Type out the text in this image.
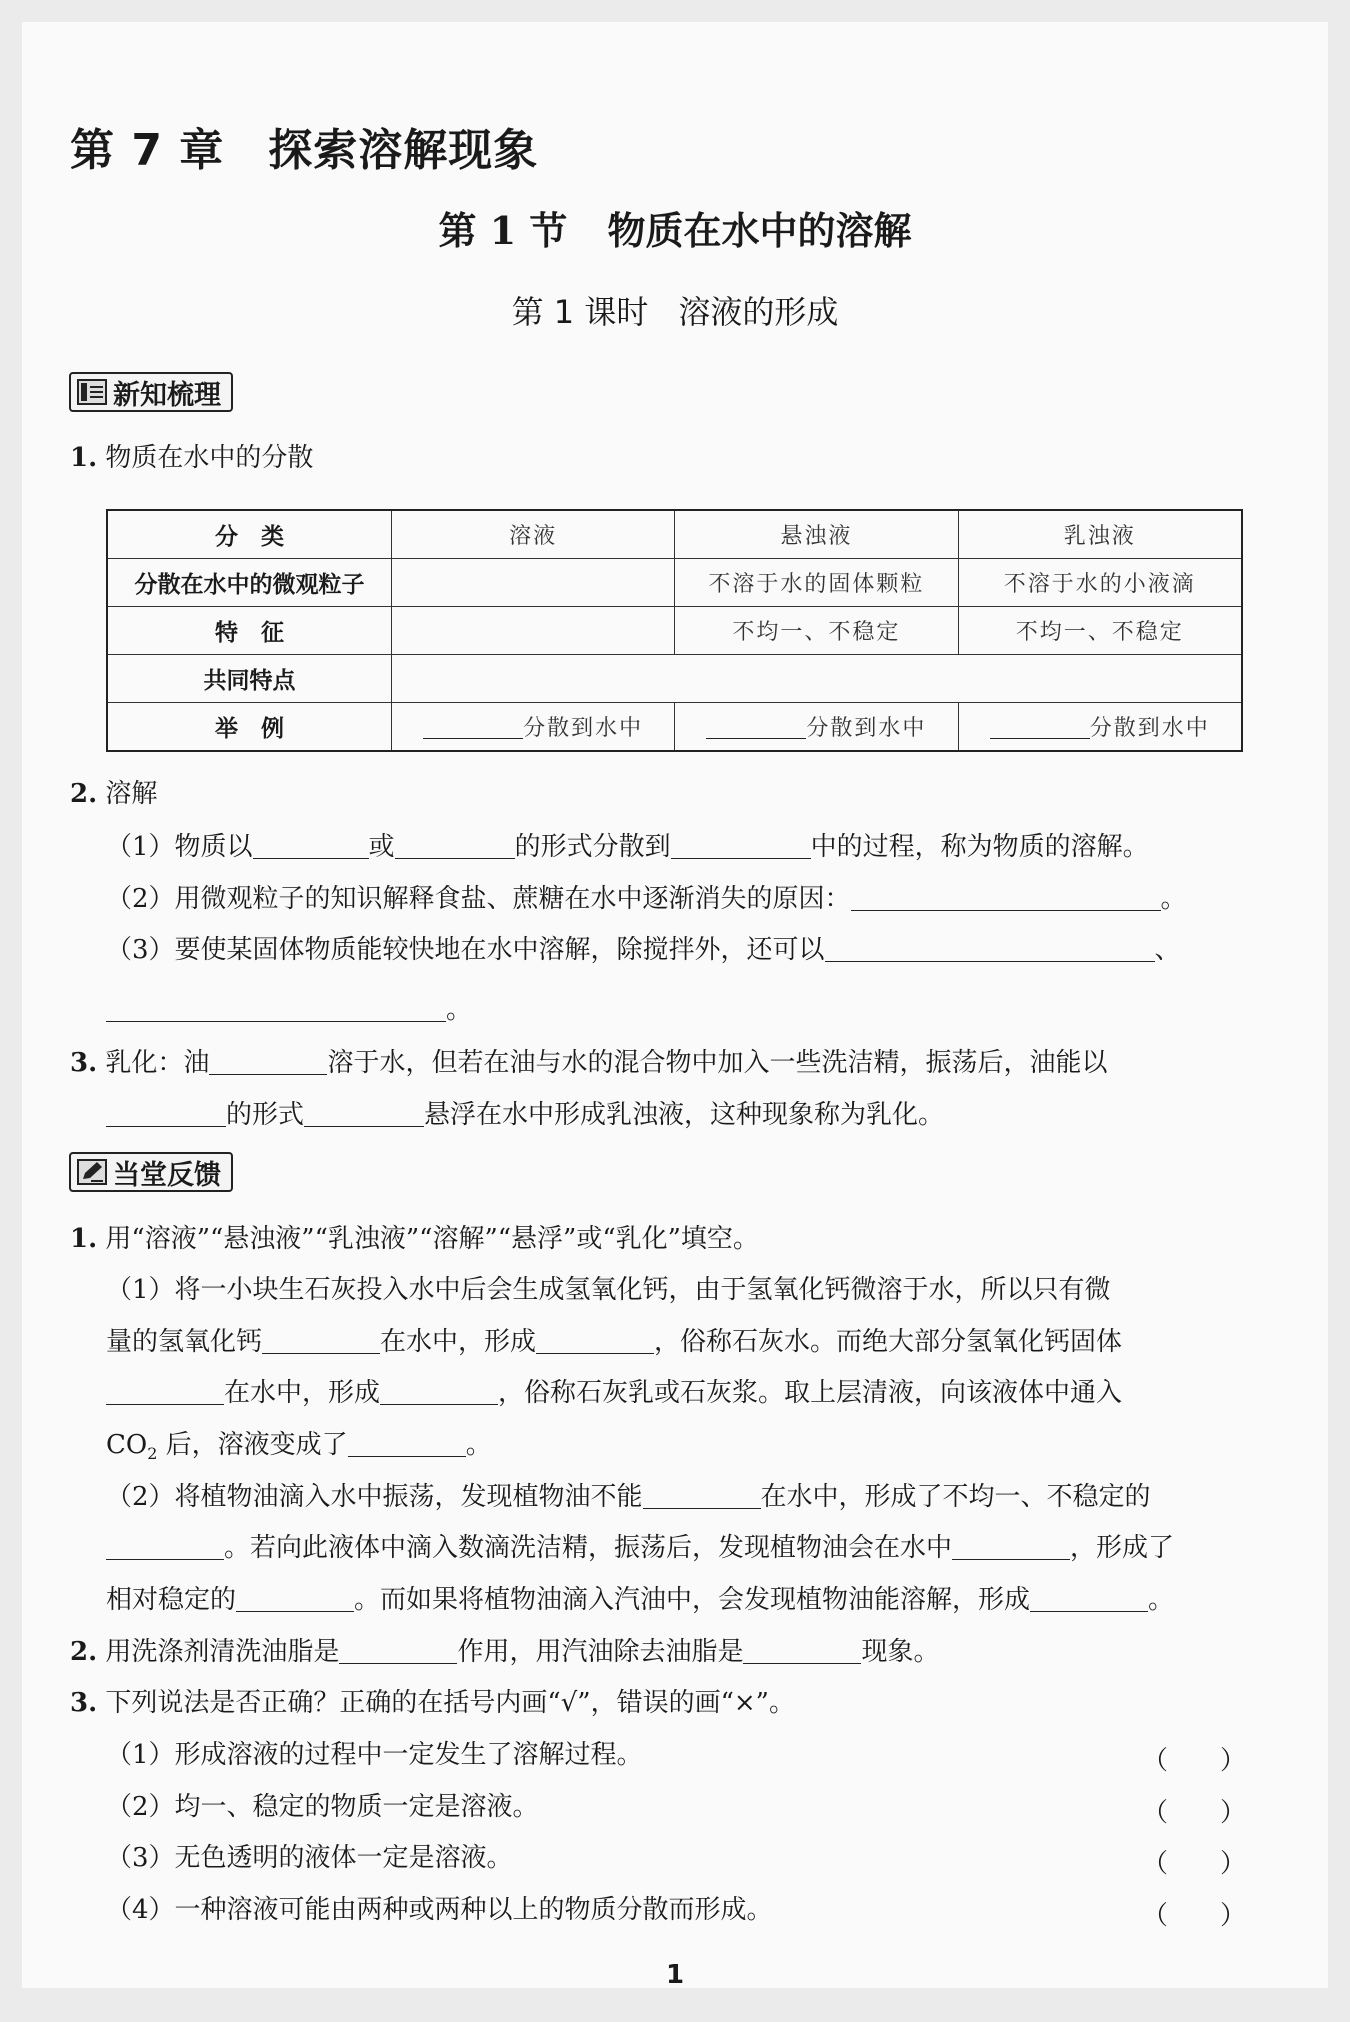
第 7 章 探索溶解现象
第 1 节 物质在水中的溶解
第 1 课时 溶液的形成
新知梳理
1. 物质在水中的分散
分　类	溶液	悬浊液	乳浊液
分散在水中的微观粒子		不溶于水的固体颗粒	不溶于水的小液滴
特　征		不均一、不稳定	不均一、不稳定
共同特点			
举　例	分散到水中	分散到水中	分散到水中
2. 溶解
（1）物质以	或	的形式分散到	中的过程，称为物质的溶解。
（2）用微观粒子的知识解释食盐、蔗糖在水中逐渐消失的原因：	。
（3）要使某固体物质能较快地在水中溶解，除搅拌外，还可以	、
。
3. 乳化：油	溶于水，但若在油与水的混合物中加入一些洗洁精，振荡后，油能以
的形式	悬浮在水中形成乳浊液，这种现象称为乳化。
当堂反馈
1. 用“溶液”“悬浊液”“乳浊液”“溶解”“悬浮”或“乳化”填空。
（1）将一小块生石灰投入水中后会生成氢氧化钙，由于氢氧化钙微溶于水，所以只有微
量的氢氧化钙	在水中，形成	，俗称石灰水。而绝大部分氢氧化钙固体
在水中，形成	，俗称石灰乳或石灰浆。取上层清液，向该液体中通入
$CO_2$ 后，溶液变成了	。
（2）将植物油滴入水中振荡，发现植物油不能	在水中，形成了不均一、不稳定的
。若向此液体中滴入数滴洗洁精，振荡后，发现植物油会在水中	，形成了
相对稳定的	。而如果将植物油滴入汽油中，会发现植物油能溶解，形成	。
2. 用洗涤剂清洗油脂是	作用，用汽油除去油脂是	现象。
3. 下列说法是否正确？正确的在括号内画“√”，错误的画“×”。
（1）形成溶液的过程中一定发生了溶解过程。	（　　）
（2）均一、稳定的物质一定是溶液。	（　　）
（3）无色透明的液体一定是溶液。	（　　）
（4）一种溶液可能由两种或两种以上的物质分散而形成。	（　　）
1
